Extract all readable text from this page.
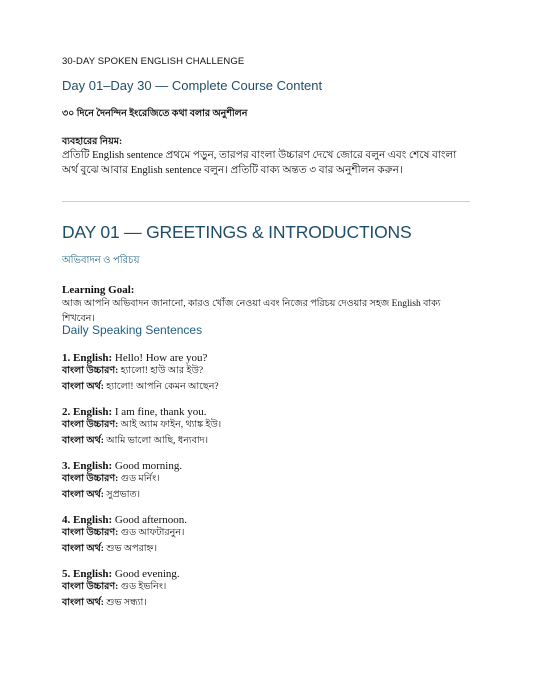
30-DAY SPOKEN ENGLISH CHALLENGE
Day 01–Day 30 — Complete Course Content
৩০ দিনে দৈনন্দিন ইংরেজিতে কথা বলার অনুশীলন
ব্যবহারের নিয়ম:
প্রতিটি English sentence প্রথমে পড়ুন, তারপর বাংলা উচ্চারণ দেখে জোরে বলুন এবং শেষে বাংলা অর্থ বুঝে আবার English sentence বলুন। প্রতিটি বাক্য অন্তত ৩ বার অনুশীলন করুন।
DAY 01 — GREETINGS & INTRODUCTIONS
অভিবাদন ও পরিচয়
Learning Goal:
আজ আপনি অভিবাদন জানানো, কারও খোঁজ নেওয়া এবং নিজের পরিচয় দেওয়ার সহজ English বাক্য শিখবেন।
Daily Speaking Sentences
1. English: Hello! How are you?
বাংলা উচ্চারণ: হ্যালো! হাউ আর ইউ?
বাংলা অর্থ: হ্যালো! আপনি কেমন আছেন?
2. English: I am fine, thank you.
বাংলা উচ্চারণ: আই অ্যাম ফাইন, থ্যাঙ্ক ইউ।
বাংলা অর্থ: আমি ভালো আছি, ধন্যবাদ।
3. English: Good morning.
বাংলা উচ্চারণ: গুড মর্নিং।
বাংলা অর্থ: সুপ্রভাত।
4. English: Good afternoon.
বাংলা উচ্চারণ: গুড আফটারনুন।
বাংলা অর্থ: শুভ অপরাহ্ন।
5. English: Good evening.
বাংলা উচ্চারণ: গুড ইভনিং।
বাংলা অর্থ: শুভ সন্ধ্যা।
